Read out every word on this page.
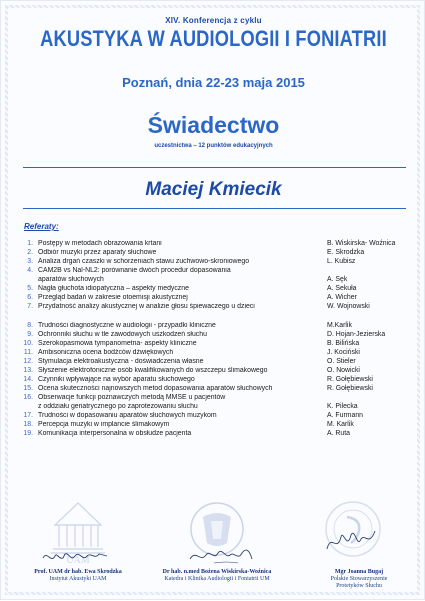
XIV. Konferencja z cyklu
AKUSTYKA W AUDIOLOGII I FONIATRII
Poznań, dnia 22-23 maja 2015
Świadectwo
uczestnictwa – 12 punktów edukacyjnych
Maciej Kmiecik
Referaty:
1. Postępy w metodach obrazowania krtani	B. Wiskirska- Woźnica
2. Odbiór muzyki przez aparaty słuchowe	E. Skrodzka
3. Analiza drgań czaszki w schorzeniach stawu żuchwowo-skroniowego	L. Kubisz
4. CAM2B vs Nal-NL2: porównanie dwóch procedur dopasowania
aparatów słuchowych	A. Sęk
5. Nagła głuchota idiopatyczna – aspekty medyczne	A. Sekuła
6. Przegląd badań w zakresie otoemisji akustycznej	A. Wicher
7. Przydatność analizy akustycznej w analizie głosu śpiewaczego u dzieci	W. Wojnowski
8. Trudności diagnostyczne w audiologii - przypadki kliniczne	M.Karlik
9. Ochronniki słuchu w tle zawodowych uszkodzeń słuchu	D. Hojan-Jezierska
10. Szerokopasmowa tympanometria- aspekty kliniczne	B. Bilińska
11. Ambisoniczna ocena bodźców dźwiękowych	J. Kociński
12. Stymulacja elektroakustyczna - doświadczenia własne	O. Stieler
13. Słyszenie elektrofoniczne osób kwalifikowanych do wszczepu ślimakowego	O. Nowicki
14. Czynniki wpływające na wybór aparatu słuchowego	R. Gołębiewski
15. Ocena skuteczności najnowszych metod dopasowania aparatów słuchowych	R. Gołębiewski
16. Obserwacje funkcji poznawczych metodą MMSE u pacjentów
z oddziału geriatrycznego po zaprotezowaniu słuchu	K. Pilecka
17. Trudności w dopasowaniu aparatów słuchowych muzykom	A. Furmann
18. Percepcja muzyki w implancie ślimakowym	M. Karlik
19. Komunikacja interpersonalna w obsłudze pacjenta	A. Ruta
UAM
Prof. UAM dr hab. Ewa Skrodzka
Instytut Akustyki UAM
Dr hab. n.med Bożena Wiskirska-Woźnica
Katedra i Klinika Audiologii i Foniatrii UM
Mgr Joanna Bugaj
Polskie Stowarzyszenie Protetyków Słuchu
